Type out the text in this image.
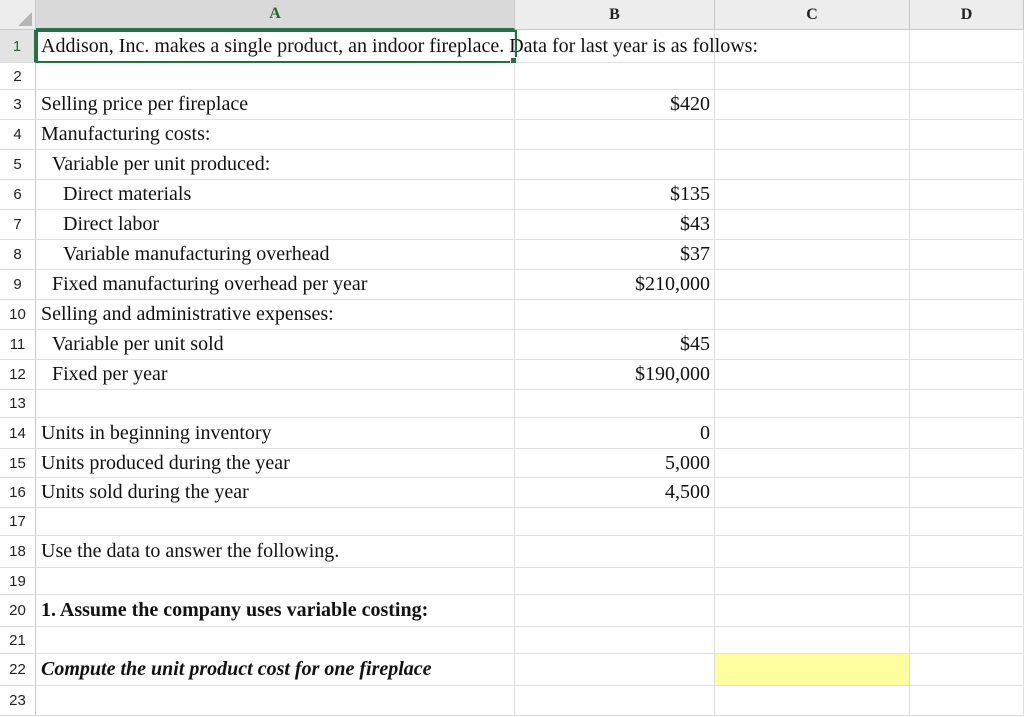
A	B	C	D
1 Addison, Inc. makes a single product, an indoor fireplace. Data for last year is as follows:
2
3 Selling price per fireplace	$420
4 Manufacturing costs:
5	Variable per unit produced:
6	Direct materials	$135
7	Direct labor	$43
8	Variable manufacturing overhead	$37
9	Fixed manufacturing overhead per year	$210,000
10 Selling and administrative expenses:
11	Variable per unit sold	$45
12	Fixed per year	$190,000
13
14 Units in beginning inventory	0
15 Units produced during the year	5,000
16 Units sold during the year	4,500
17
18 Use the data to answer the following.
19
20 1. Assume the company uses variable costing:
21
22 Compute the unit product cost for one fireplace
23
